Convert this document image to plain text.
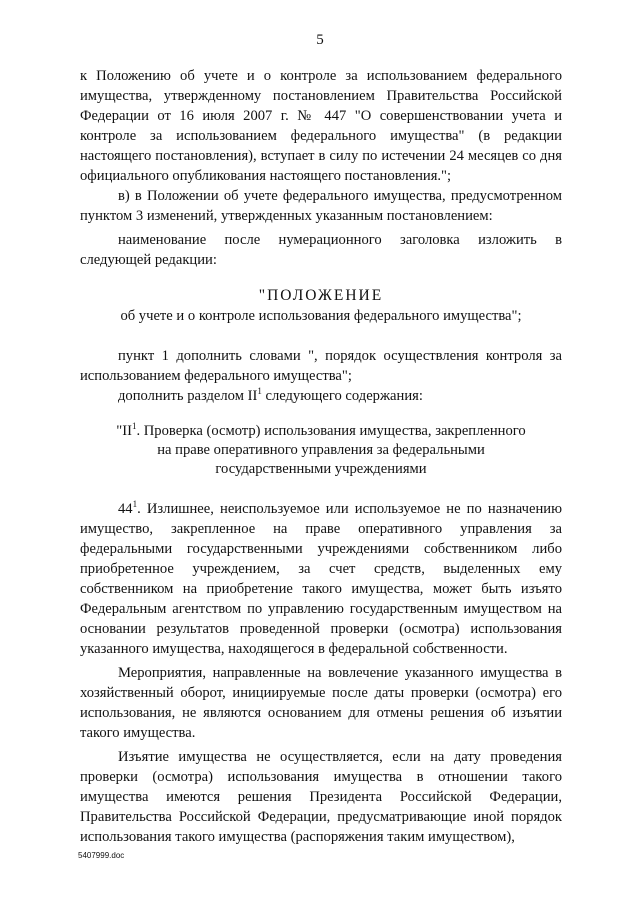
5

к Положению об учете и о контроле за использованием федерального имущества, утвержденному постановлением Правительства Российской Федерации от 16 июля 2007 г. № 447 "О совершенствовании учета и контроле за использованием федерального имущества" (в редакции настоящего постановления), вступает в силу по истечении 24 месяцев со дня официального опубликования настоящего постановления.";

в) в Положении об учете федерального имущества, предусмотренном пунктом 3 изменений, утвержденных указанным постановлением:

наименование после нумерационного заголовка изложить в следующей редакции:

"ПОЛОЖЕНИЕ

об учете и о контроле использования федерального имущества";

пункт 1 дополнить словами ", порядок осуществления контроля за использованием федерального имущества";

дополнить разделом $II^1$ следующего содержания:

"$II^1$. Проверка (осмотр) использования имущества, закрепленного
на праве оперативного управления за федеральными
государственными учреждениями

$44^1$. Излишнее, неиспользуемое или используемое не по назначению имущество, закрепленное на праве оперативного управления за федеральными государственными учреждениями собственником либо приобретенное учреждением, за счет средств, выделенных ему собственником на приобретение такого имущества, может быть изъято Федеральным агентством по управлению государственным имуществом на основании результатов проведенной проверки (осмотра) использования указанного имущества, находящегося в федеральной собственности.

Мероприятия, направленные на вовлечение указанного имущества в хозяйственный оборот, инициируемые после даты проверки (осмотра) его использования, не являются основанием для отмены решения об изъятии такого имущества.

Изъятие имущества не осуществляется, если на дату проведения проверки (осмотра) использования имущества в отношении такого имущества имеются решения Президента Российской Федерации, Правительства Российской Федерации, предусматривающие иной порядок использования такого имущества (распоряжения таким имуществом),

5407999.doc
